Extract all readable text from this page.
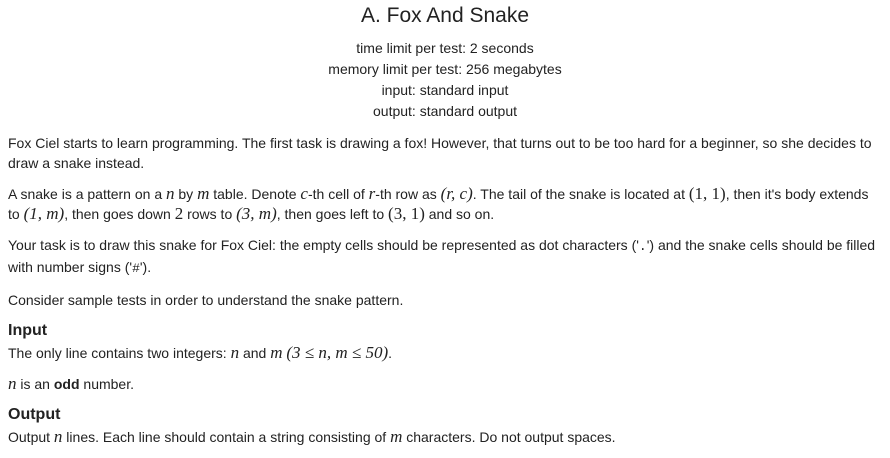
A. Fox And Snake
time limit per test: 2 seconds
memory limit per test: 256 megabytes
input: standard input
output: standard output

Fox Ciel starts to learn programming. The first task is drawing a fox! However, that turns out to be too hard for a beginner, so she decides to draw a snake instead.

A snake is a pattern on a n by m table. Denote c-th cell of r-th row as (r, c). The tail of the snake is located at (1, 1), then it's body extends to (1, m), then goes down 2 rows to (3, m), then goes left to (3, 1) and so on.

Your task is to draw this snake for Fox Ciel: the empty cells should be represented as dot characters ('.') and the snake cells should be filled with number signs ('#').

Consider sample tests in order to understand the snake pattern.

Input

The only line contains two integers: n and m (3 ≤ n, m ≤ 50).

n is an odd number.

Output

Output n lines. Each line should contain a string consisting of m characters. Do not output spaces.
